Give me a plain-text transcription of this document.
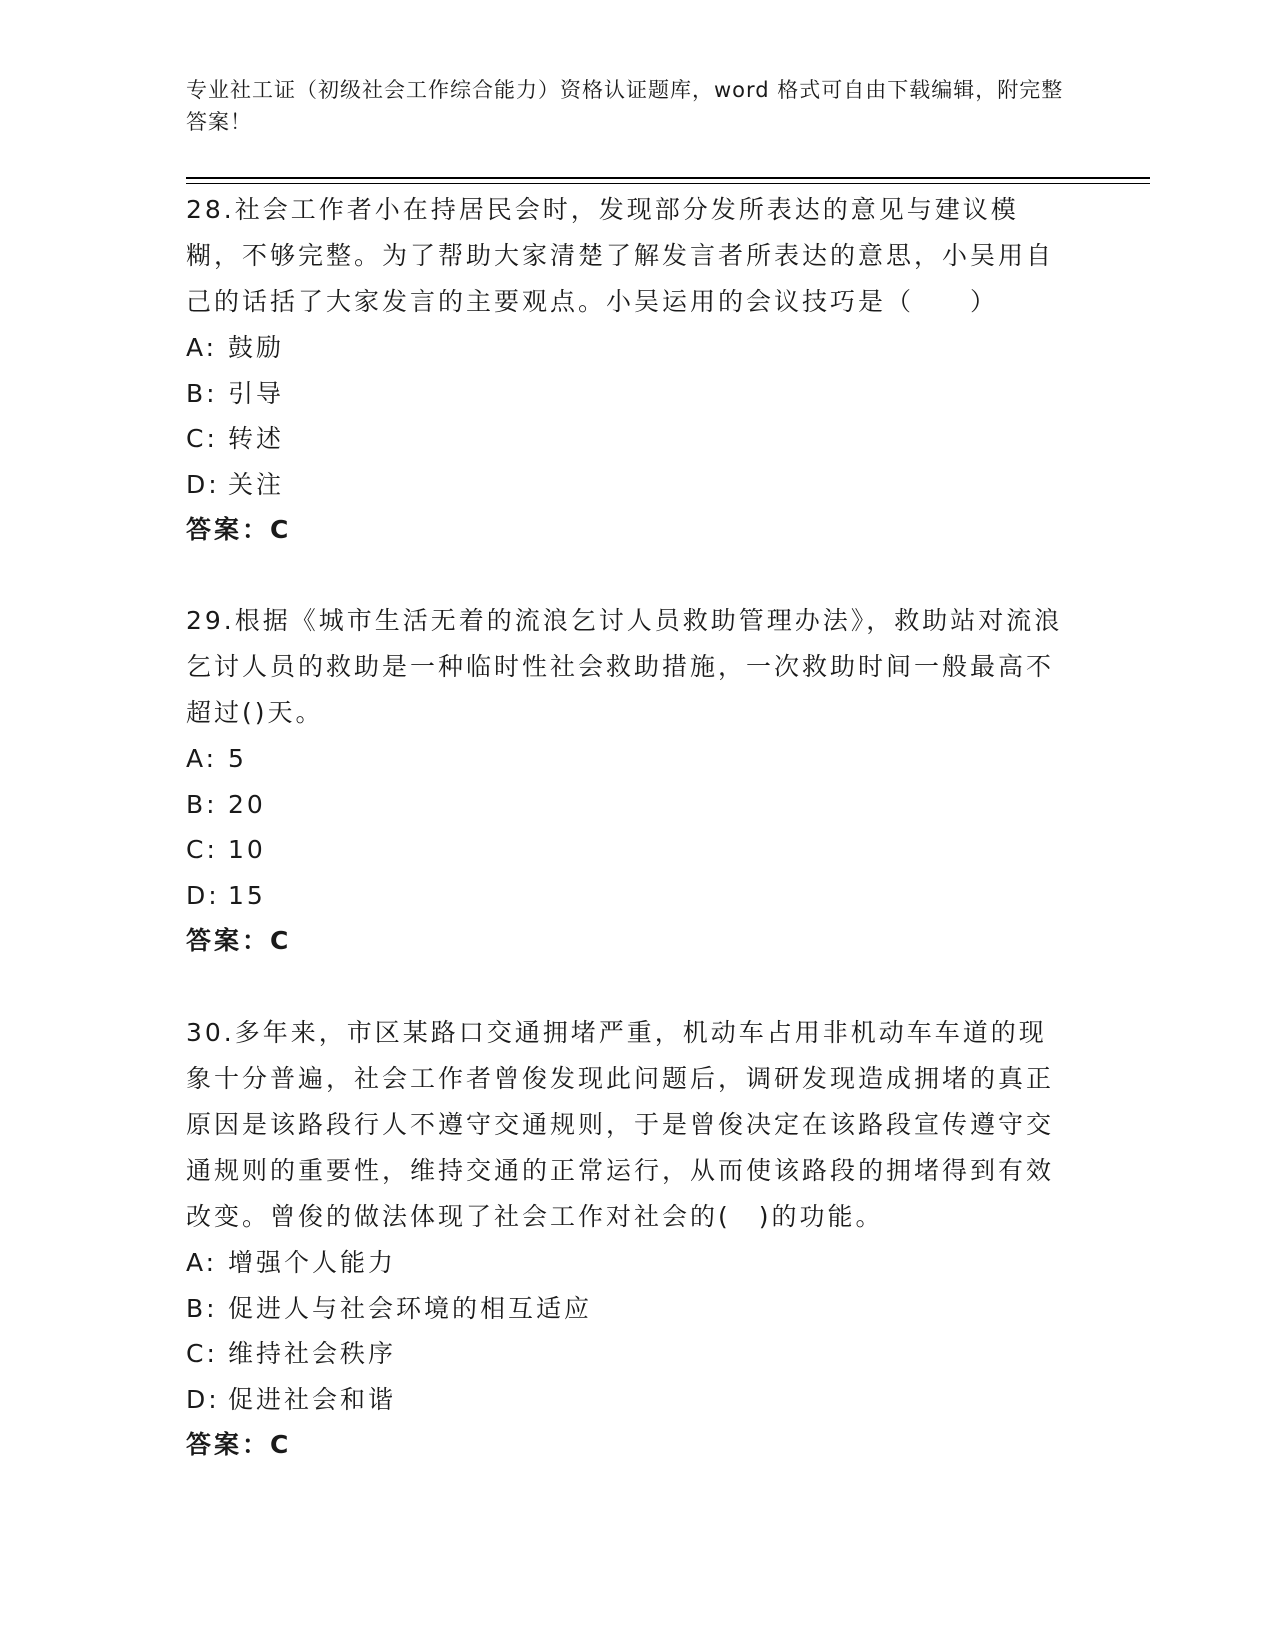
专业社工证（初级社会工作综合能力）资格认证题库，word 格式可自由下载编辑，附完整答案！

28.社会工作者小在持居民会时，发现部分发所表达的意见与建议模糊，不够完整。为了帮助大家清楚了解发言者所表达的意思，小吴用自己的话括了大家发言的主要观点。小吴运用的会议技巧是（　　）

A: 鼓励

B: 引导

C: 转述

D: 关注

答案：C

29.根据《城市生活无着的流浪乞讨人员救助管理办法》，救助站对流浪乞讨人员的救助是一种临时性社会救助措施，一次救助时间一般最高不超过()天。

A: 5

B: 20

C: 10

D: 15

答案：C

30.多年来，市区某路口交通拥堵严重，机动车占用非机动车车道的现象十分普遍，社会工作者曾俊发现此问题后，调研发现造成拥堵的真正原因是该路段行人不遵守交通规则，于是曾俊决定在该路段宣传遵守交通规则的重要性，维持交通的正常运行，从而使该路段的拥堵得到有效改变。曾俊的做法体现了社会工作对社会的(　)的功能。

A: 增强个人能力

B: 促进人与社会环境的相互适应

C: 维持社会秩序

D: 促进社会和谐

答案：C
